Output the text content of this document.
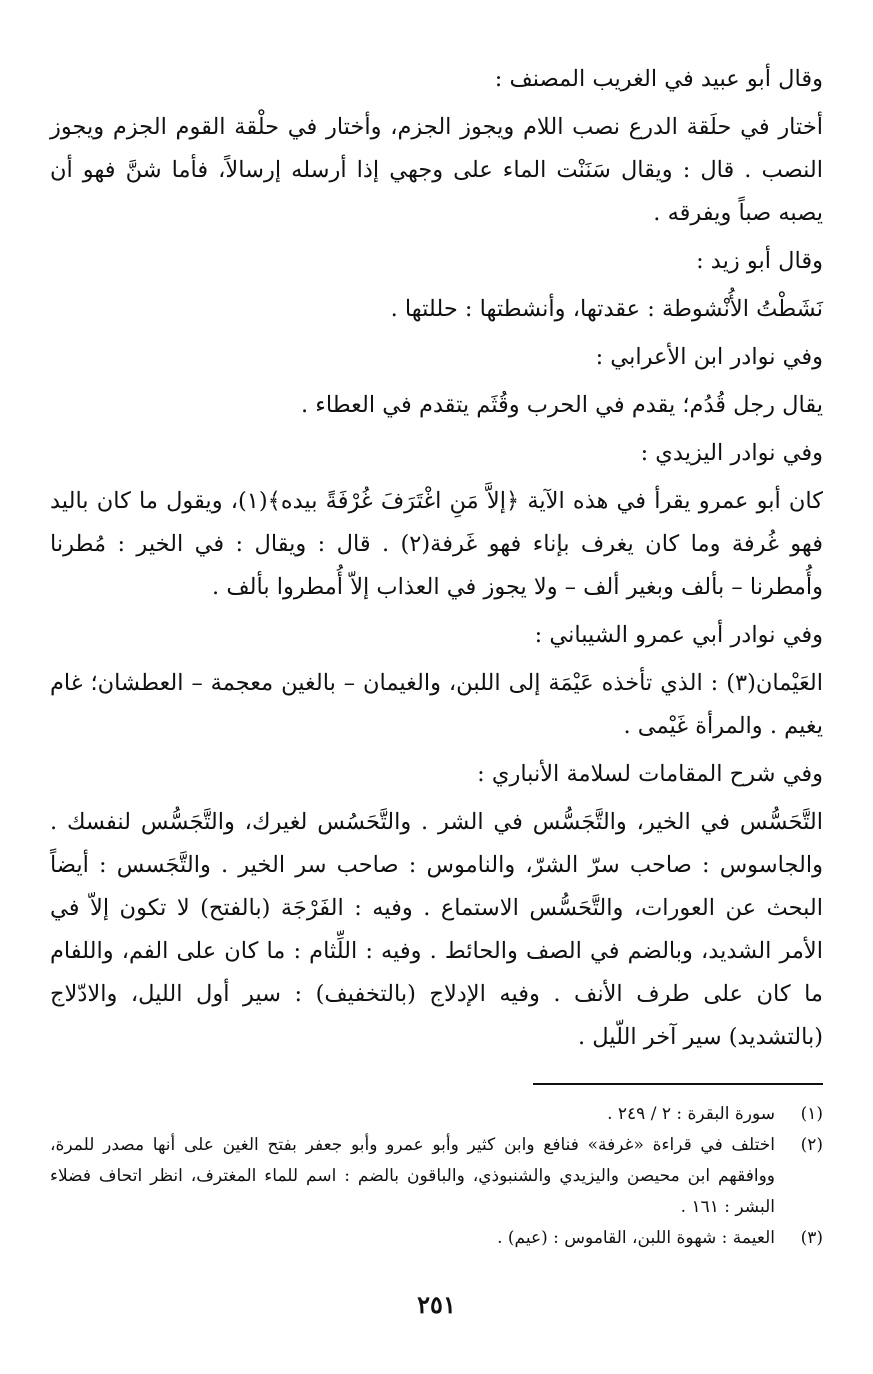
وقال أبو عبيد في الغريب المصنف :

أختار في حلَقة الدرع نصب اللام ويجوز الجزم، وأختار في حلْقة القوم الجزم ويجوز النصب . قال : ويقال سَنَنْت الماء على وجهي إذا أرسله إرسالاً، فأما شنَّ فهو أن يصبه صباً ويفرقه .

وقال أبو زيد :

نَشَطْتُ الأُنْشوطة : عقدتها، وأنشطتها : حللتها .

وفي نوادر ابن الأعرابي :

يقال رجل قُدُم؛ يقدم في الحرب وقُثَم يتقدم في العطاء .

وفي نوادر اليزيدي :

كان أبو عمرو يقرأ في هذه الآية ﴿إلاَّ مَنِ اغْتَرَفَ غُرْفَةً بيده﴾(١)، ويقول ما كان باليد فهو غُرفة وما كان يغرف بإناء فهو غَرفة(٢) . قال : ويقال : في الخير : مُطرنا وأُمطرنا – بألف وبغير ألف – ولا يجوز في العذاب إلاّ أُمطروا بألف .

وفي نوادر أبي عمرو الشيباني :

العَيْمان(٣) : الذي تأخذه عَيْمَة إلى اللبن، والغيمان – بالغين معجمة – العطشان؛ غام يغيم . والمرأة غَيْمى .

وفي شرح المقامات لسلامة الأنباري :

التَّحَسُّس في الخير، والتَّجَسُّس في الشر . والتَّحَسُس لغيرك، والتَّجَسُّس لنفسك . والجاسوس : صاحب سرّ الشرّ، والناموس : صاحب سر الخير . والتَّجَسس : أيضاً البحث عن العورات، والتَّحَسُّس الاستماع . وفيه : الفَرْجَة (بالفتح) لا تكون إلاّ في الأمر الشديد، وبالضم في الصف والحائط . وفيه : اللِّثام : ما كان على الفم، واللفام ما كان على طرف الأنف . وفيه الإدلاج (بالتخفيف) : سير أول الليل، والادّلاج (بالتشديد) سير آخر اللّيل .

(١)
سورة البقرة : ٢ / ٢٤٩ .
(٢)
اختلف في قراءة «غرفة» فنافع وابن كثير وأبو عمرو وأبو جعفر بفتح الغين على أنها مصدر للمرة، ووافقهم ابن محيصن واليزيدي والشنبوذي، والباقون بالضم : اسم للماء المغترف، انظر اتحاف فضلاء البشر : ١٦١ .
(٣)
العيمة : شهوة اللبن، القاموس : (عيم) .
٢٥١
